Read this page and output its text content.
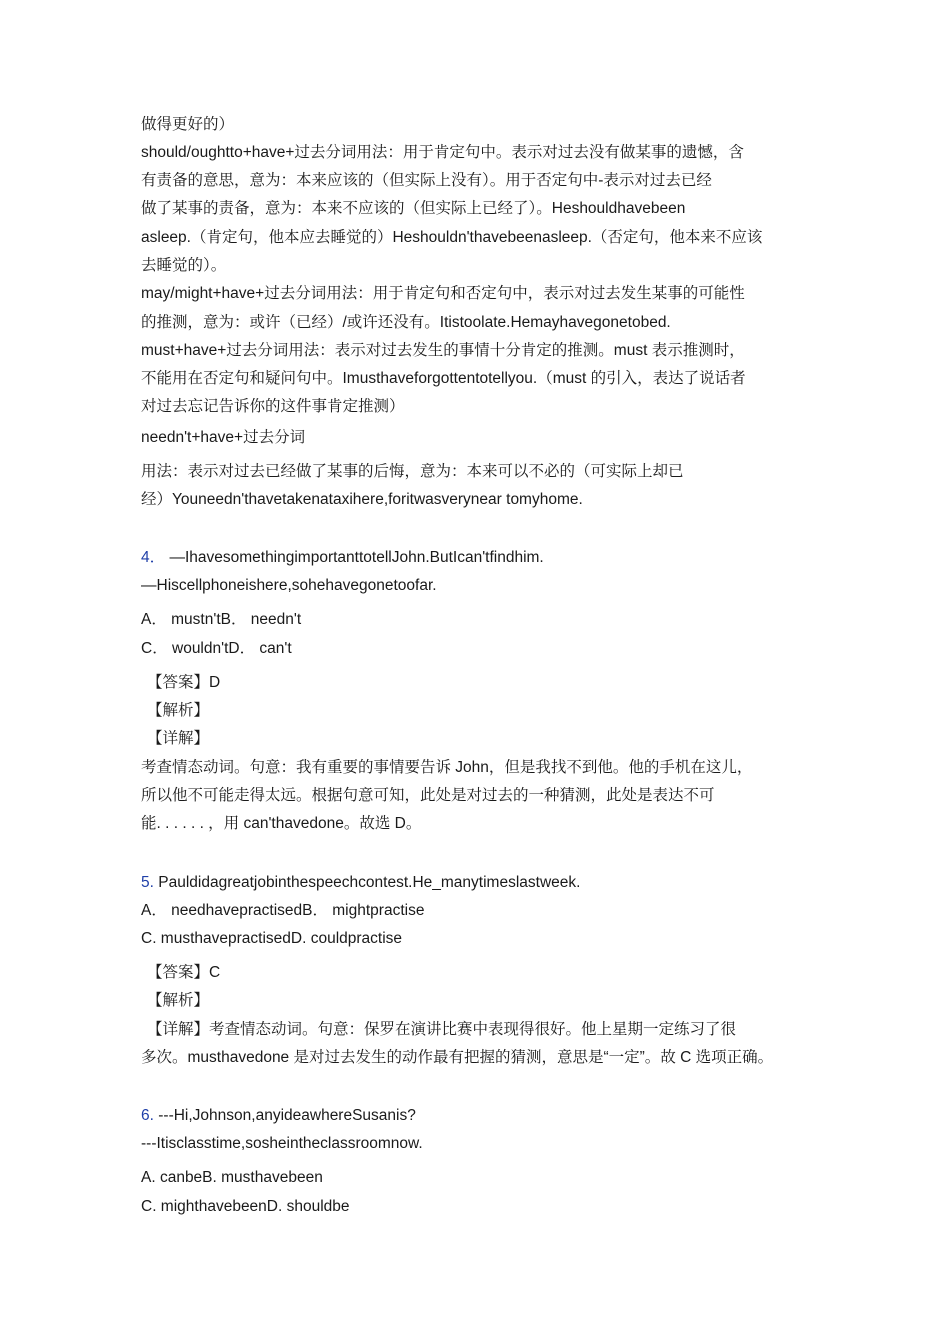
做得更好的）
should/oughtto+have+过去分词用法：用于肯定句中。表示对过去没有做某事的遗憾，含
有责备的意思，意为：本来应该的（但实际上没有）。用于否定句中-表示对过去已经
做了某事的责备，意为：本来不应该的（但实际上已经了）。Heshouldhavebeen
asleep.（肯定句，他本应去睡觉的）Heshouldn'thavebeenasleep.（否定句，他本来不应该
去睡觉的）。
may/might+have+过去分词用法：用于肯定句和否定句中，表示对过去发生某事的可能性
的推测，意为：或许（已经）/或许还没有。Itistoolate.Hemayhavegonetobed.
must+have+过去分词用法：表示对过去发生的事情十分肯定的推测。must 表示推测时，
不能用在否定句和疑问句中。Imusthaveforgottentotellyou.（must 的引入，表达了说话者
对过去忘记告诉你的这件事肯定推测）
needn't+have+过去分词
用法：表示对过去已经做了某事的后悔，意为：本来可以不必的（可实际上却已
经）Youneedn'thavetakenataxihere,foritwasverynear tomyhome.
4． —IhavesomethingimportanttotellJohn.ButIcan'tfindhim.
—Hiscellphoneishere,sohehavegonetoofar.
A． mustn'tB． needn't
C． wouldn'tD． can't
【答案】D
【解析】
【详解】
考查情态动词。句意：我有重要的事情要告诉 John，但是我找不到他。他的手机在这儿，
所以他不可能走得太远。根据句意可知，此处是对过去的一种猜测，此处是表达不可
能. . . . . . ，用 can'thavedone。故选 D。
5. Pauldidagreatjobinthespeechcontest.He_manytimeslastweek.
A． needhavepractisedB． mightpractise
C. musthavepractisedD. couldpractise
【答案】C
【解析】
【详解】考查情态动词。句意：保罗在演讲比赛中表现得很好。他上星期一定练习了很
多次。musthavedone 是对过去发生的动作最有把握的猜测，意思是“一定”。故 C 选项正确。
6. ---Hi,Johnson,anyideawhereSusanis?
---Itisclasstime,sosheintheclassroomnow.
A. canbeB. musthavebeen
C. mighthavebeenD. shouldbe
